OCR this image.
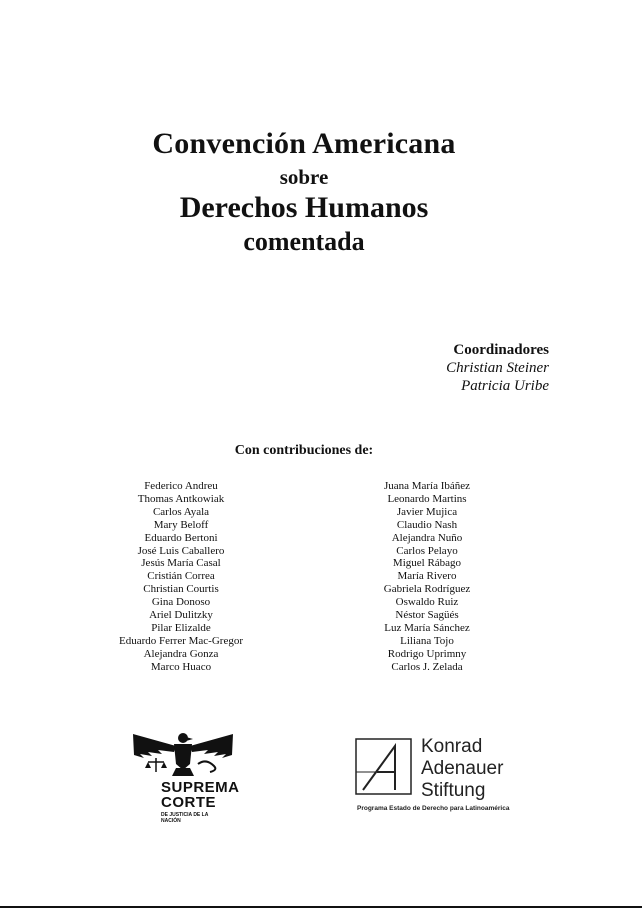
Convención Americana
sobre
Derechos Humanos
comentada
Coordinadores
Christian Steiner
Patricia Uribe
Con contribuciones de:
Federico Andreu
Thomas Antkowiak
Carlos Ayala
Mary Beloff
Eduardo Bertoni
José Luis Caballero
Jesús María Casal
Cristián Correa
Christian Courtis
Gina Donoso
Ariel Dulitzky
Pilar Elizalde
Eduardo Ferrer Mac-Gregor
Alejandra Gonza
Marco Huaco
Juana María Ibáñez
Leonardo Martins
Javier Mujica
Claudio Nash
Alejandra Nuño
Carlos Pelayo
Miguel Rábago
María Rivero
Gabriela Rodríguez
Oswaldo Ruiz
Néstor Sagüés
Luz María Sánchez
Liliana Tojo
Rodrigo Uprimny
Carlos J. Zelada
SUPREMA
CORTE
DE JUSTICIA DE LA NACIÓN
Konrad
Adenauer
Stiftung
Programa Estado de Derecho para Latinoamérica
